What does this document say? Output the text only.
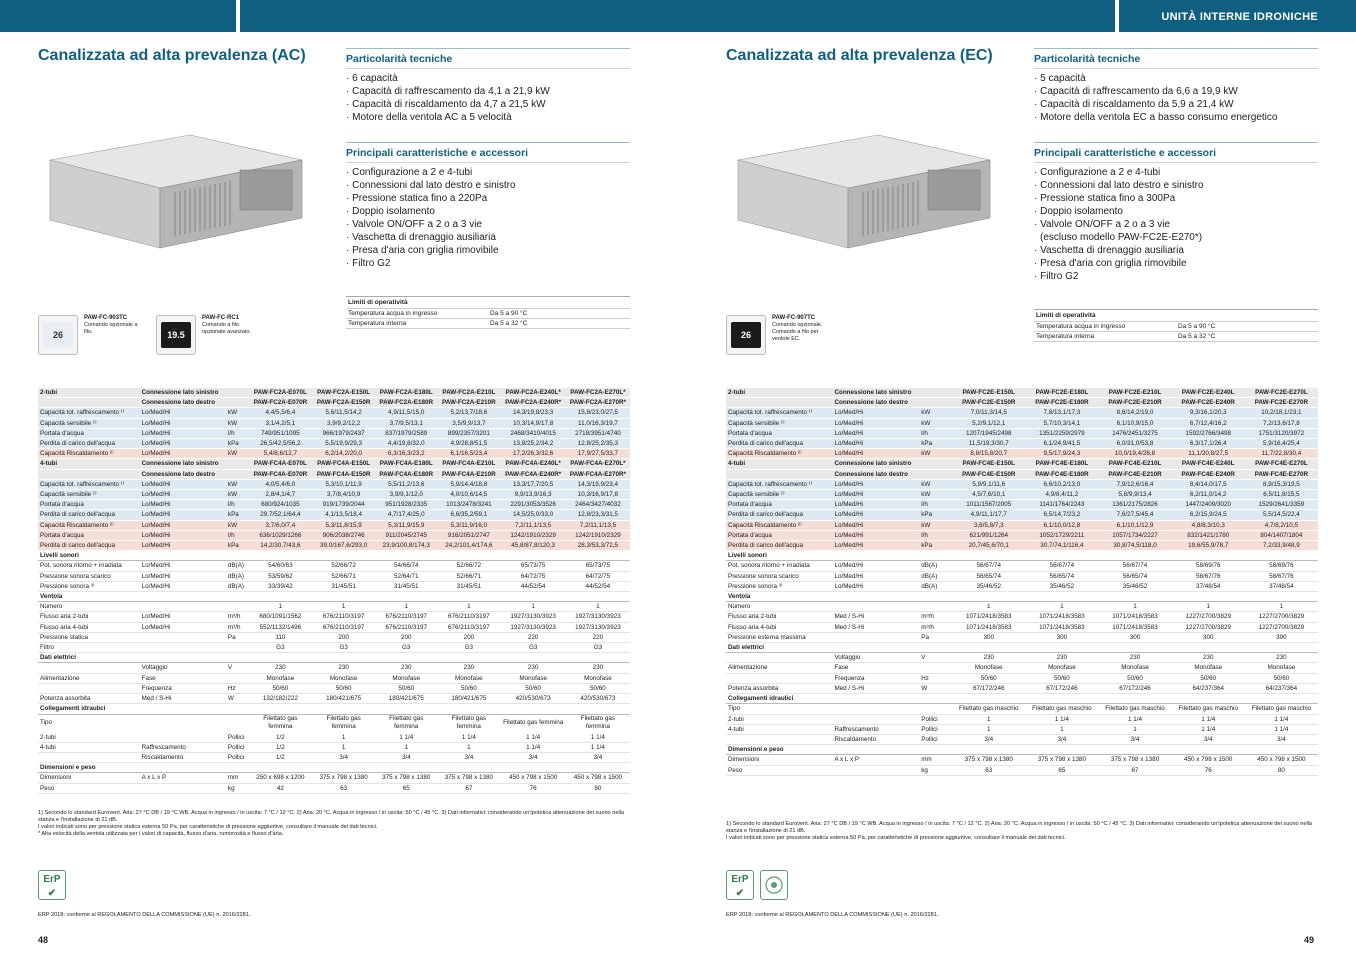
UNITÀ INTERNE IDRONICHE
Canalizzata ad alta prevalenza (AC)	Particolarità tecniche
· 6 capacità
· Capacità di raffrescamento da 4,1 a 21,9 kW
· Capacità di riscaldamento da 4,7 a 21,5 kW
· Motore della ventola AC a 5 velocità
Principali caratteristiche e accessori
· Configurazione a 2 e 4-tubi
· Connessioni dal lato destro e sinistro
· Pressione statica fino a 220Pa
· Doppio isolamento
· Valvole ON/OFF a 2 o a 3 vie
· Vaschetta di drenaggio ausiliaria
· Presa d'aria con griglia rimovibile
· Filtro G2
26
PAW-FC-903TC
Comando opzionale a filo.	19.5
PAW-FC-RC1
Comando a filo opzionale avanzato.
Limiti di operatività
Temperatura acqua in ingresso	Da 5 a 90 °C
Temperatura interna	Da 5 a 32 °C
2-tubi	Connessione lato sinistro			PAW-FC2A-E070L	PAW-FC2A-E150L	PAW-FC2A-E180L	PAW-FC2A-E210L	PAW-FC2A-E240L*	PAW-FC2A-E270L*
	Connessione lato destro			PAW-FC2A-E070R	PAW-FC2A-E150R	PAW-FC2A-E180R	PAW-FC2A-E210R	PAW-FC2A-E240R*	PAW-FC2A-E270R*
Capacità tot. raffrescamento ¹⁾	Lo/Med/Hi		kW	4,4/5,5/6,4	5,6/11,5/14,2	4,9/11,5/15,0	5,2/13,7/18,6	14,3/19,8/23,3	15,8/23,0/27,5
Capacità sensibile ¹⁾	Lo/Med/Hi		kW	3,1/4,2/5,1	3,9/9,2/12,2	3,7/9,5/13,1	3,5/9,9/13,7	10,3/14,9/17,8	11,0/16,3/19,7
Portata d'acqua	Lo/Med/Hi		l/h	749/951/1095	966/1979/2437	837/1979/2589	899/2357/3201	2468/3410/4015	2718/3951/4740
Perdita di carico dell'acqua	Lo/Med/Hi		kPa	26,5/42,5/56,2	5,5/19,9/29,3	4,4/19,6/32,0	4,9/28,8/51,5	13,8/25,2/34,2	12,8/25,2/35,3
Capacità Riscaldamento ²⁾	Lo/Med/Hi		kW	5,4/8,6/12,7	6,2/14,2/20,0	6,3/16,3/23,2	6,1/16,5/23,4	17,2/26,3/32,6	17,9/27,5/33,7
4-tubi	Connessione lato sinistro			PAW-FC4A-E070L	PAW-FC4A-E150L	PAW-FC4A-E180L	PAW-FC4A-E210L	PAW-FC4A-E240L*	PAW-FC4A-E270L*
	Connessione lato destro			PAW-FC4A-E070R	PAW-FC4A-E150R	PAW-FC4A-E180R	PAW-FC4A-E210R	PAW-FC4A-E240R*	PAW-FC4A-E270R*
Capacità tot. raffrescamento ¹⁾	Lo/Med/Hi		kW	4,0/5,4/6,0	5,3/10,1/11,9	5,5/11,2/13,6	5,9/14,4/18,8	13,3/17,7/20,5	14,3/19,9/23,4
Capacità sensibile ¹⁾	Lo/Med/Hi		kW	2,8/4,1/4,7	3,7/8,4/10,9	3,9/9,1/12,0	4,0/10,6/14,5	9,9/13,9/16,3	10,3/16,9/17,8
Portata d'acqua	Lo/Med/Hi		l/h	680/924/1035	919/1739/2044	951/1928/2335	1013/2478/3241	2291/3053/3526	2464/3427/4032
Perdita di carico dell'acqua	Lo/Med/Hi		kPa	29,7/52,1/64,4	4,1/13,5/18,4	4,7/17,4/25,0	6,6/35,2/59,1	14,5/25,0/33,0	12,8/23,3/31,5
Capacità Riscaldamento ²⁾	Lo/Med/Hi		kW	3,7/6,0/7,4	5,3/11,8/15,9	5,3/11,9/15,9	5,3/11,9/16,0	7,2/11,1/13,5	7,2/11,1/13,5
Portata d'acqua	Lo/Med/Hi		l/h	636/1029/1266	906/2038/2746	911/2045/2745	916/2051/2747	1242/1910/2329	1242/1910/2329
Perdita di carico dell'acqua	Lo/Med/Hi		kPa	14,2/30,7/43,6	39,0/167,6/293,0	23,9/100,8/174,3	24,2/101,4/174,6	45,8/87,8/120,3	28,3/53,3/72,5
Livelli sonori									
Pot. sonora ritorno + irradiata	Lo/Med/Hi		dB(A)	54/60/63	52/66/72	54/66/74	52/66/72	65/73/75	65/73/75
Pressione sonora scarico	Lo/Med/Hi		dB(A)	53/59/62	52/66/71	52/64/71	52/66/71	64/72/75	64/72/75
Pressione sonora ³⁾	Lo/Med/Hi		dB(A)	33/39/42	31/45/51	31/45/51	31/45/51	44/52/54	44/52/54
Ventola									
Numero				1	1	1	1	1	1
Flusso aria 2-tubi	Lo/Med/Hi		m³/h	680/1091/1562	676/2110/3197	676/2110/3197	676/2110/3197	1927/3130/3923	1927/3130/3923
Flusso aria 4-tubi	Lo/Med/Hi		m³/h	552/1132/1496	676/2110/3197	676/2110/3197	676/2110/3197	1927/3130/3923	1927/3130/3923
Pressione statica			Pa	110	200	200	200	220	220
Filtro				G3	G3	G3	G3	G3	G3
Dati elettrici									
	Voltaggio		V	230	230	230	230	230	230
Alimentazione	Fase			Monofase	Monofase	Monofase	Monofase	Monofase	Monofase
	Frequenza		Hz	50/60	50/60	50/60	50/60	50/60	50/60
Potenza assorbita	Med / S-Hi		W	132/182/222	180/421/675	180/421/675	180/421/675	420/530/673	420/530/673
Collegamenti idraulici									
Tipo				Filettato gas femmina	Filettato gas femmina	Filettato gas femmina	Filettato gas femmina	Filettato gas femmina	Filettato gas femmina
2-tubi			Pollici	1/2	1	1 1/4	1 1/4	1 1/4	1 1/4
4-tubi	Raffrescamento		Pollici	1/2	1	1	1	1 1/4	1 1/4
	Riscaldamento		Pollici	1/2	3/4	3/4	3/4	3/4	3/4
Dimensioni e peso									
Dimensioni	A x L x P		mm	250 x 698 x 1200	375 x 798 x 1380	375 x 798 x 1380	375 x 798 x 1380	450 x 798 x 1500	450 x 798 x 1500
Peso			kg	42	63	65	67	76	80
1) Secondo lo standard Eurovent. Aria: 27 °C DB / 19 °C WB. Acqua in ingresso / in uscita: 7 °C / 12 °C. 2) Aria: 20 °C. Acqua in ingresso / in uscita: 50 °C / 45 °C. 3) Dati informativi: considerando un'ipotetica attenuazione del suono nella stanza e l'installazione di 21 dB.
I valori indicati sono per pressione statica esterna 50 Pa, per caratteristiche di pressione aggiuntive, consultare il manuale dei dati tecnici.
* Alta velocità della ventola utilizzata per i valori di capacità, flusso d'aria, rumorosità e flusso d'aria.
ErP
✔
ERP 2018: conforme al REGOLAMENTO DELLA COMMISSIONE (UE) n. 2016/2281.
48
Canalizzata ad alta prevalenza (EC)	Particolarità tecniche
· 5 capacità
· Capacità di raffrescamento da 6,6 a 19,9 kW
· Capacità di riscaldamento da 5,9 a 21,4 kW
· Motore della ventola EC a basso consumo energetico
Principali caratteristiche e accessori
· Configurazione a 2 e 4-tubi
· Connessioni dal lato destro e sinistro
· Pressione statica fino a 300Pa
· Doppio isolamento
· Valvole ON/OFF a 2 o a 3 vie
(escluso modello PAW-FC2E-E270*)
· Vaschetta di drenaggio ausiliaria
· Presa d'aria con griglia rimovibile
· Filtro G2
26
PAW-FC-907TC
Comando opzionale. Comando a filo per ventole EC.
Limiti di operatività
Temperatura acqua in ingresso	Da 5 a 90 °C
Temperatura interna	Da 5 a 32 °C
2-tubi	Connessione lato sinistro			PAW-FC2E-E150L	PAW-FC2E-E180L	PAW-FC2E-E210L	PAW-FC2E-E240L	PAW-FC2E-E270L
	Connessione lato destro			PAW-FC2E-E150R	PAW-FC2E-E180R	PAW-FC2E-E210R	PAW-FC2E-E240R	PAW-FC2E-E270R
Capacità tot. raffrescamento ¹⁾	Lo/Med/Hi		kW	7,0/11,3/14,5	7,8/13,1/17,3	8,6/14,2/19,0	9,3/16,1/20,3	10,2/18,1/23,1
Capacità sensibile ¹⁾	Lo/Med/Hi		kW	5,2/9,1/12,1	5,7/10,3/14,1	6,1/10,9/15,0	6,7/12,4/16,2	7,2/13,6/17,8
Portata d'acqua	Lo/Med/Hi		l/h	1207/1945/2498	1351/2259/2979	1476/2451/3275	1592/2766/3498	1751/3120/3972
Perdita di carico dell'acqua	Lo/Med/Hi		kPa	11,5/19,3/30,7	6,1/24,9/41,5	6,0/31,0/53,8	6,3/17,1/26,4	5,9/16,4/25,4
Capacità Riscaldamento ²⁾	Lo/Med/Hi		kW	8,8/15,8/20,7	9,5/17,9/24,3	10,0/19,4/26,8	11,1/20,8/27,5	11,7/22,8/30,4
4-tubi	Connessione lato sinistro			PAW-FC4E-E150L	PAW-FC4E-E180L	PAW-FC4E-E210L	PAW-FC4E-E240L	PAW-FC4E-E270L
	Connessione lato destro			PAW-FC4E-E150R	PAW-FC4E-E180R	PAW-FC4E-E210R	PAW-FC4E-E240R	PAW-FC4E-E270R
Capacità tot. raffrescamento ¹⁾	Lo/Med/Hi		kW	5,9/9,1/11,6	6,6/10,2/13,0	7,9/12,6/16,4	8,4/14,0/17,5	8,9/15,3/19,5
Capacità sensibile ¹⁾	Lo/Med/Hi		kW	4,5/7,6/10,1	4,9/8,4/11,2	5,8/9,9/13,4	6,2/11,0/14,2	6,5/11,8/15,5
Portata d'acqua	Lo/Med/Hi		l/h	1011/1567/2005	1141/1764/2243	1361/2175/2826	1447/2409/3020	1529/2641/3359
Perdita di carico dell'acqua	Lo/Med/Hi		kPa	4,9/11,1/17,7	6,5/14,7/23,2	7,6/27,5/45,4	6,2/15,9/24,5	5,5/14,5/22,4
Capacità Riscaldamento ²⁾	Lo/Med/Hi		kW	3,6/5,8/7,3	6,1/10,0/12,8	6,1/10,1/12,9	4,8/8,3/10,3	4,7/8,2/10,5
Portata d'acqua	Lo/Med/Hi		l/h	621/991/1264	1052/1729/2211	1057/1734/2227	832/1421/1780	804/1407/1804
Perdita di carico dell'acqua	Lo/Med/Hi		kPa	20,7/45,6/70,1	30,7/74,1/116,4	30,8/74,5/118,0	19,6/55,9/78,7	7,2/33,9/48,9
Livelli sonori								
Pot. sonora ritorno + irradiata	Lo/Med/Hi		dB(A)	56/67/74	56/67/74	56/67/74	58/69/76	58/69/76
Pressione sonora scarico	Lo/Med/Hi		dB(A)	56/65/74	56/65/74	56/65/74	58/67/76	58/67/76
Pressione sonora ³⁾	Lo/Med/Hi		dB(A)	35/46/52	35/46/52	35/46/52	37/48/54	37/48/54
Ventola								
Numero				1	1	1	1	1
Flusso aria 2-tubi	Med / S-Hi		m³/h	1071/2418/3583	1071/2418/3583	1071/2418/3583	1227/2700/3829	1227/2700/3829
Flusso aria 4-tubi	Med / S-Hi		m³/h	1071/2418/3583	1071/2418/3583	1071/2418/3583	1227/2700/3829	1227/2700/3829
Pressione esterna massima			Pa	300	300	300	300	300
Dati elettrici								
	Voltaggio		V	230	230	230	230	230
Alimentazione	Fase			Monofase	Monofase	Monofase	Monofase	Monofase
	Frequenza		Hz	50/60	50/60	50/60	50/60	50/60
Potenza assorbita	Med / S-Hi		W	67/172/246	67/172/246	67/172/246	64/237/364	64/237/364
Collegamenti idraulici								
Tipo				Filettato gas maschio	Filettato gas maschio	Filettato gas maschio	Filettato gas maschio	Filettato gas maschio
2-tubi			Pollici	1	1 1/4	1 1/4	1 1/4	1 1/4
4-tubi	Raffrescamento		Pollici	1	1	1	1 1/4	1 1/4
	Riscaldamento		Pollici	3/4	3/4	3/4	3/4	3/4
Dimensioni e peso								
Dimensioni	A x L x P		mm	375 x 798 x 1380	375 x 798 x 1380	375 x 798 x 1380	450 x 798 x 1500	450 x 798 x 1500
Peso			kg	63	65	67	76	80
1) Secondo lo standard Eurovent. Aria: 27 °C DB / 19 °C WB. Acqua in ingresso / in uscita: 7 °C / 12 °C. 2) Aria: 20 °C. Acqua in ingresso / in uscita: 50 °C / 45 °C. 3) Dati informativi: considerando un'ipotetica attenuazione del suono nella stanza e l'installazione di 21 dB.
I valori indicati sono per pressione statica esterna 50 Pa, per caratteristiche di pressione aggiuntive, consultare il manuale dei dati tecnici.
ErP
✔
ERP 2018: conforme al REGOLAMENTO DELLA COMMISSIONE (UE) n. 2016/2281.
49
